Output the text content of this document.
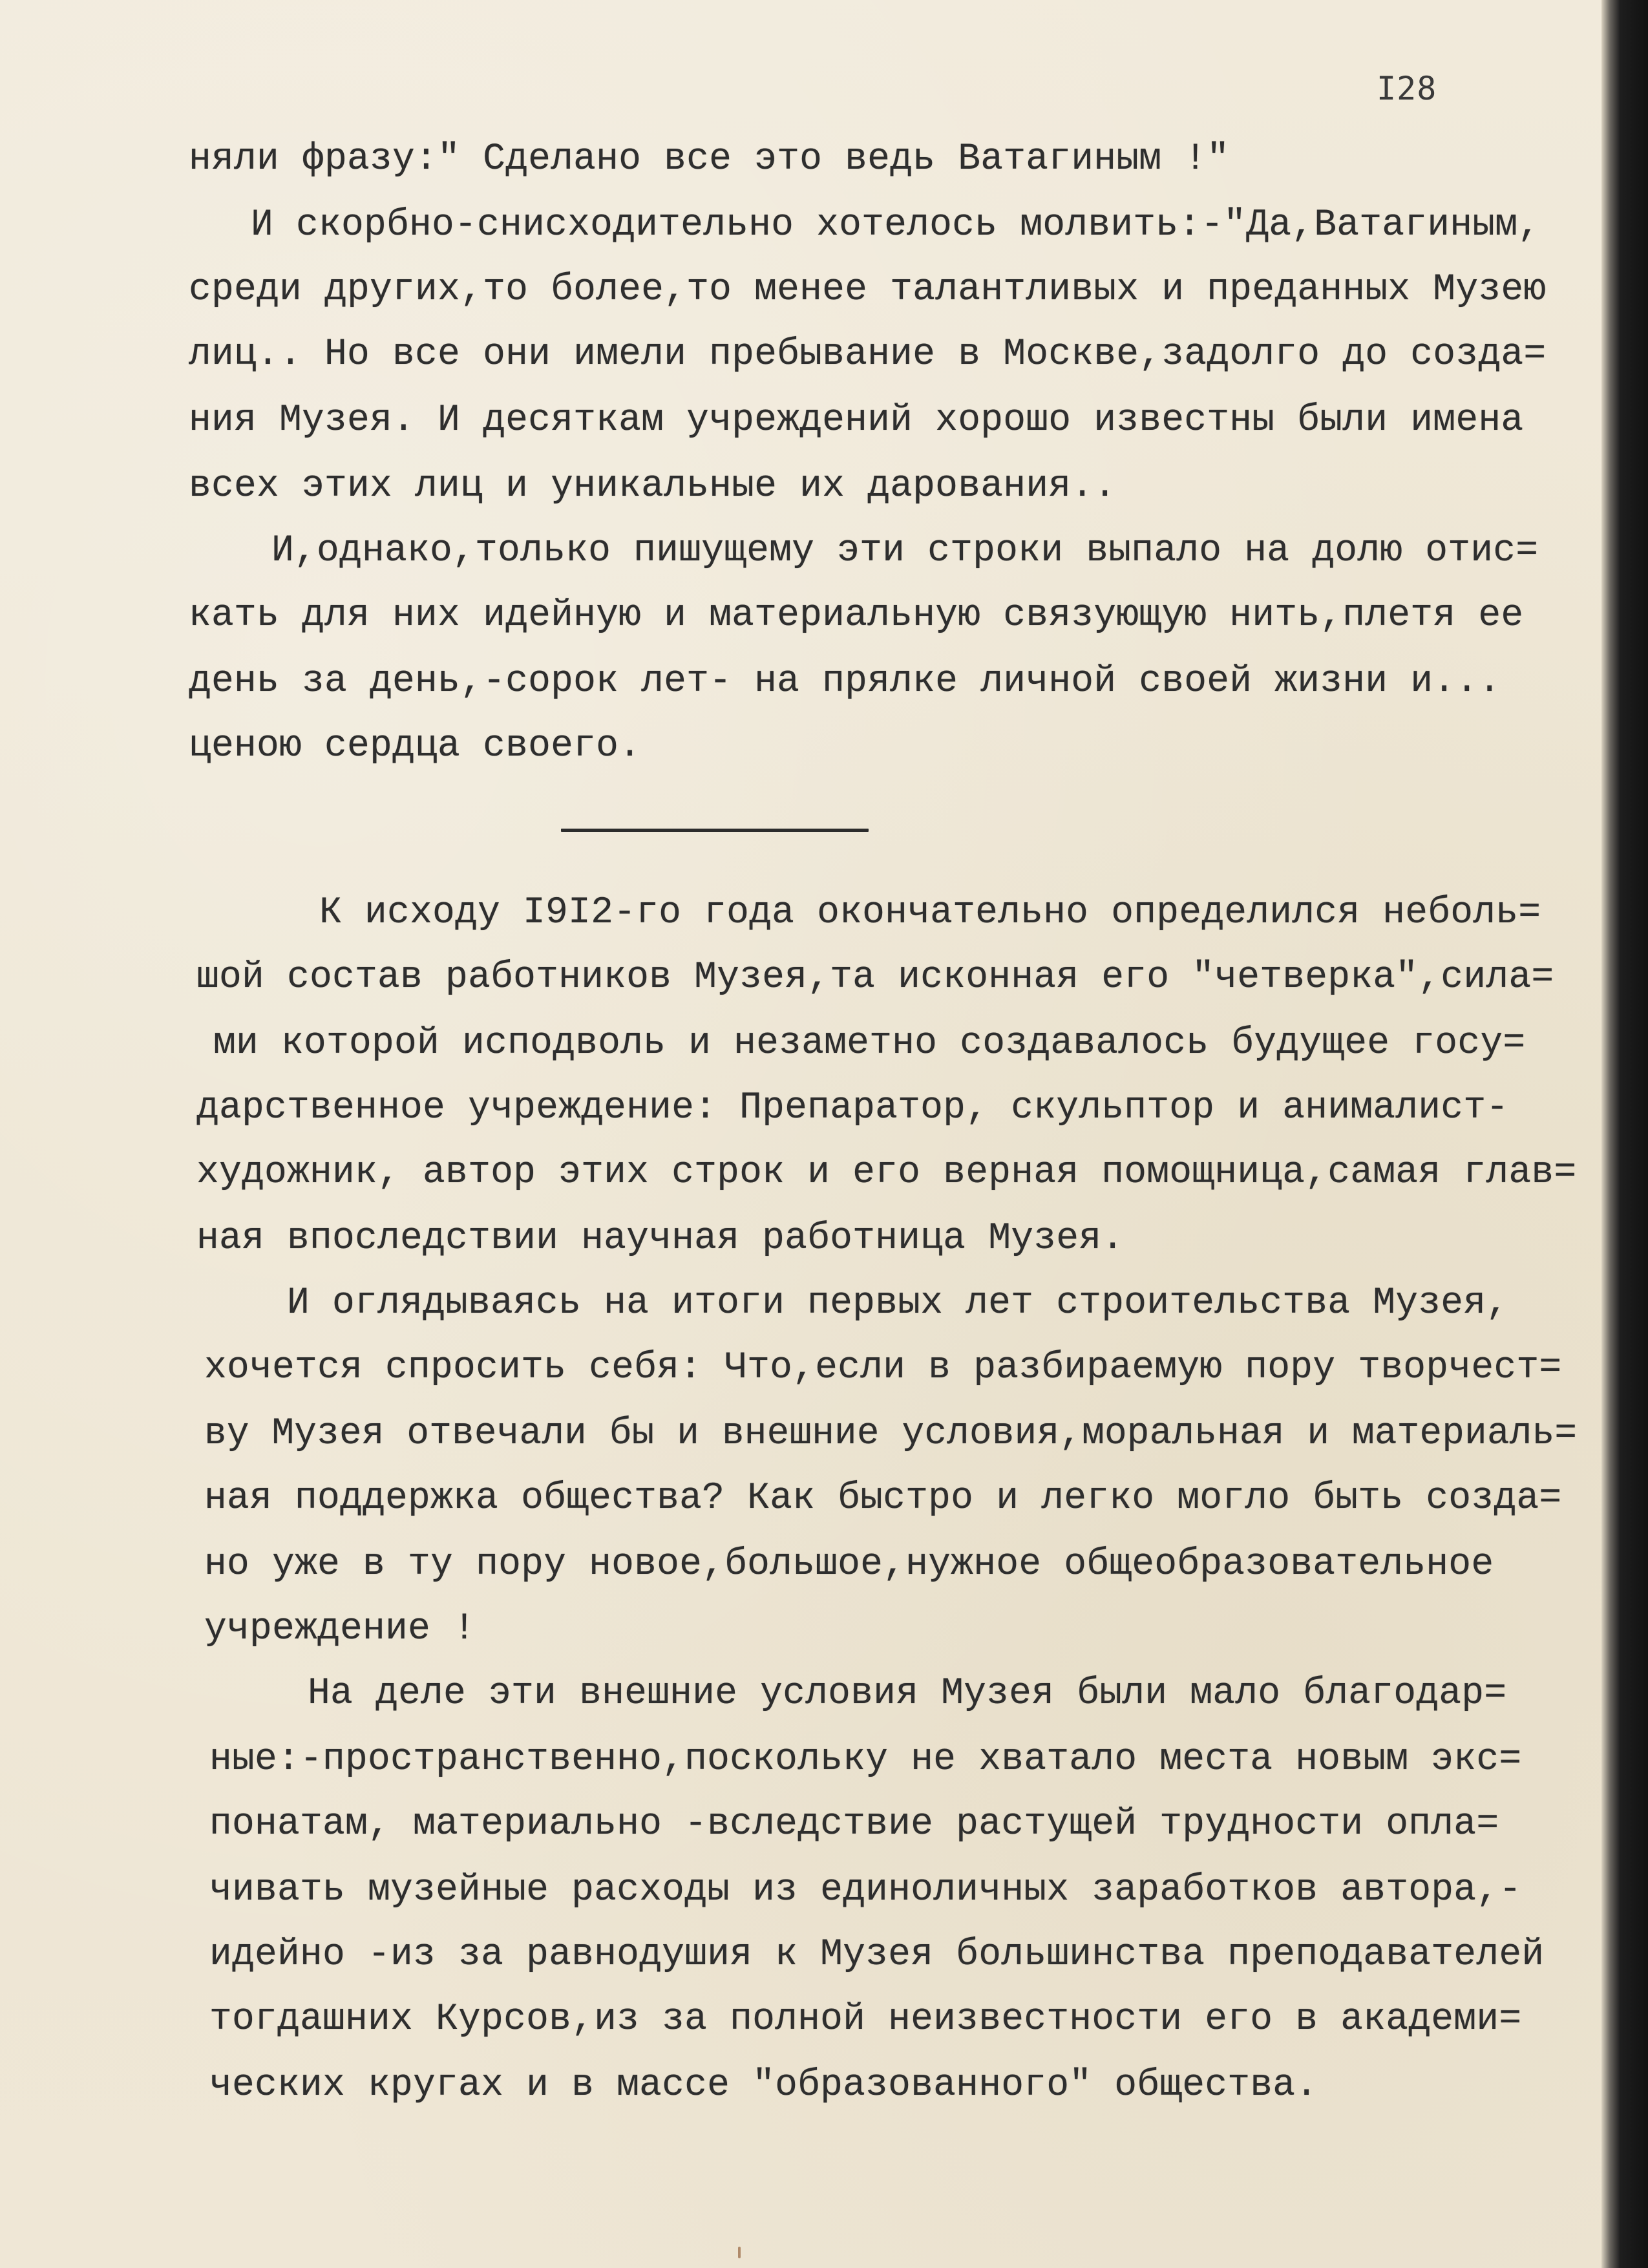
I28
няли фразу:" Сделано все это ведь Ватагиным !"
И скорбно-снисходительно хотелось молвить:-"Да,Ватагиным,
среди других,то более,то менее талантливых и преданных Музею
лиц.. Но все они имели пребывание в Москве,задолго до созда=
ния Музея. И десяткам учреждений хорошо известны были имена
всех этих лиц и уникальные их дарования..
И,однако,только пишущему эти строки выпало на долю отис=
кать для них идейную и материальную связующую нить,плетя ее
день за день,-сорок лет- на прялке личной своей жизни и...
ценою сердца своего.
К исходу I9I2-го года окончательно определился неболь=
шой состав работников Музея,та исконная его "четверка",сила=
ми которой исподволь и незаметно создавалось будущее госу=
дарственное учреждение: Препаратор, скульптор и анималист-
художник, автор этих строк и его верная помощница,самая глав=
ная впоследствии научная работница Музея.
И оглядываясь на итоги первых лет строительства Музея,
хочется спросить себя: Что,если в разбираемую пору творчест=
ву Музея отвечали бы и внешние условия,моральная и материаль=
ная поддержка общества? Как быстро и легко могло быть созда=
но уже в ту пору новое,большое,нужное общеобразовательное
учреждение !
На деле эти внешние условия Музея были мало благодар=
ные:-пространственно,поскольку не хватало места новым экс=
понатам, материально -вследствие растущей трудности опла=
чивать музейные расходы из единоличных заработков автора,-
идейно -из за равнодушия к Музея большинства преподавателей
тогдашних Курсов,из за полной неизвестности его в академи=
ческих кругах и в массе "образованного" общества.
